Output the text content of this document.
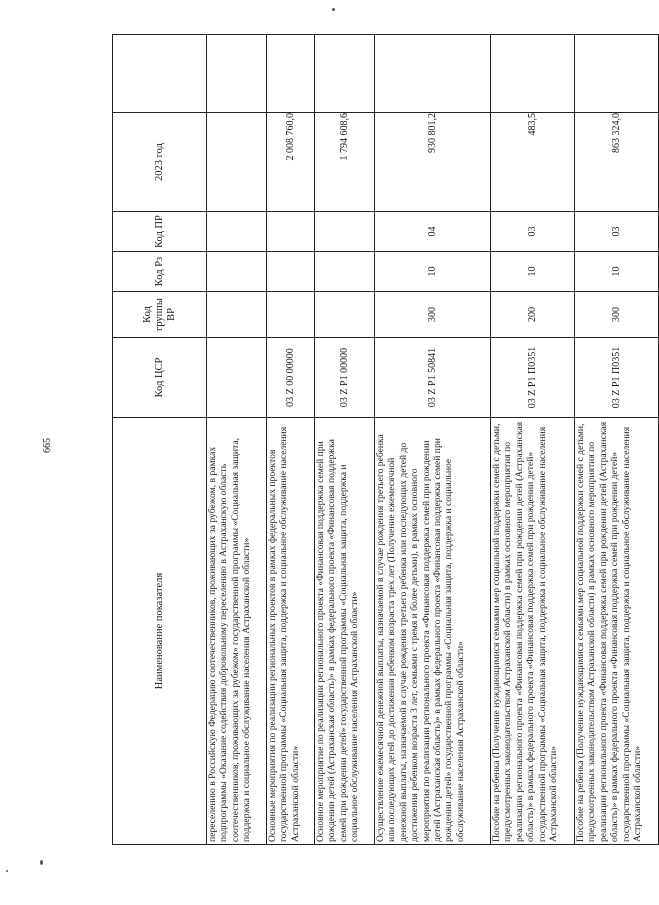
665
Наименование показателя	Код ЦСР	Код группы ВР	Код Рз	Код ПР	2023 год	
переселению в Российскую Федерацию соотечественников, проживающих за рубежом, в рамках подпрограммы «Оказание содействия добровольному переселению в Астраханскую область соотечественников, проживающих за рубежом» государственной программы «Социальная защита, поддержка и социальное обслуживание населения Астраханской области»						
Основные мероприятия по реализации региональных проектов в рамках федеральных проектов государственной программы «Социальная защита, поддержка и социальное обслуживание населения Астраханской области»	03 Z 00 00000				2 008 760,0	
Основное мероприятие по реализации регионального проекта «Финансовая поддержка семей при рождении детей (Астраханская область)» в рамках федерального проекта «Финансовая поддержка семей при рождении детей» государственной программы «Социальная защита, поддержка и социальное обслуживание населения Астраханской области»	03 Z P1 00000				1 794 608,6	
Осуществление ежемесячной денежной выплаты, назначаемой в случае рождения третьего ребенка или последующих детей до достижения ребенком возраста трех лет (Получение ежемесячной денежной выплаты, назначаемой в случае рождения третьего ребенка или последующих детей до достижения ребенком возраста 3 лет, семьями с тремя и более детьми), в рамках основного мероприятия по реализации регионального проекта «Финансовая поддержка семей при рождении детей (Астраханская область)» в рамках федерального проекта «Финансовая поддержка семей при рождении детей» государственной программы «Социальная защита, поддержка и социальное обслуживание населения Астраханской области»	03 Z P1 50841	300	10	04	930 801,2	
Пособие на ребенка (Получение нуждающимися семьями мер социальной поддержки семей с детьми, предусмотренных законодательством Астраханской области) в рамках основного мероприятия по реализации регионального проекта «Финансовая поддержка семей при рождении детей (Астраханская область)» в рамках федерального проекта «Финансовая поддержка семей при рождении детей» государственной программы «Социальная защита, поддержка и социальное обслуживание населения Астраханской области»	03 Z P1 П0351	200	10	03	483,5	
Пособие на ребенка (Получение нуждающимися семьями мер социальной поддержки семей с детьми, предусмотренных законодательством Астраханской области) в рамках основного мероприятия по реализации регионального проекта «Финансовая поддержка семей при рождении детей (Астраханская область)» в рамках федерального проекта «Финансовая поддержка семей при рождении детей» государственной программы «Социальная защита, поддержка и социальное обслуживание населения Астраханской области»	03 Z P1 П0351	300	10	03	863 324,0	
